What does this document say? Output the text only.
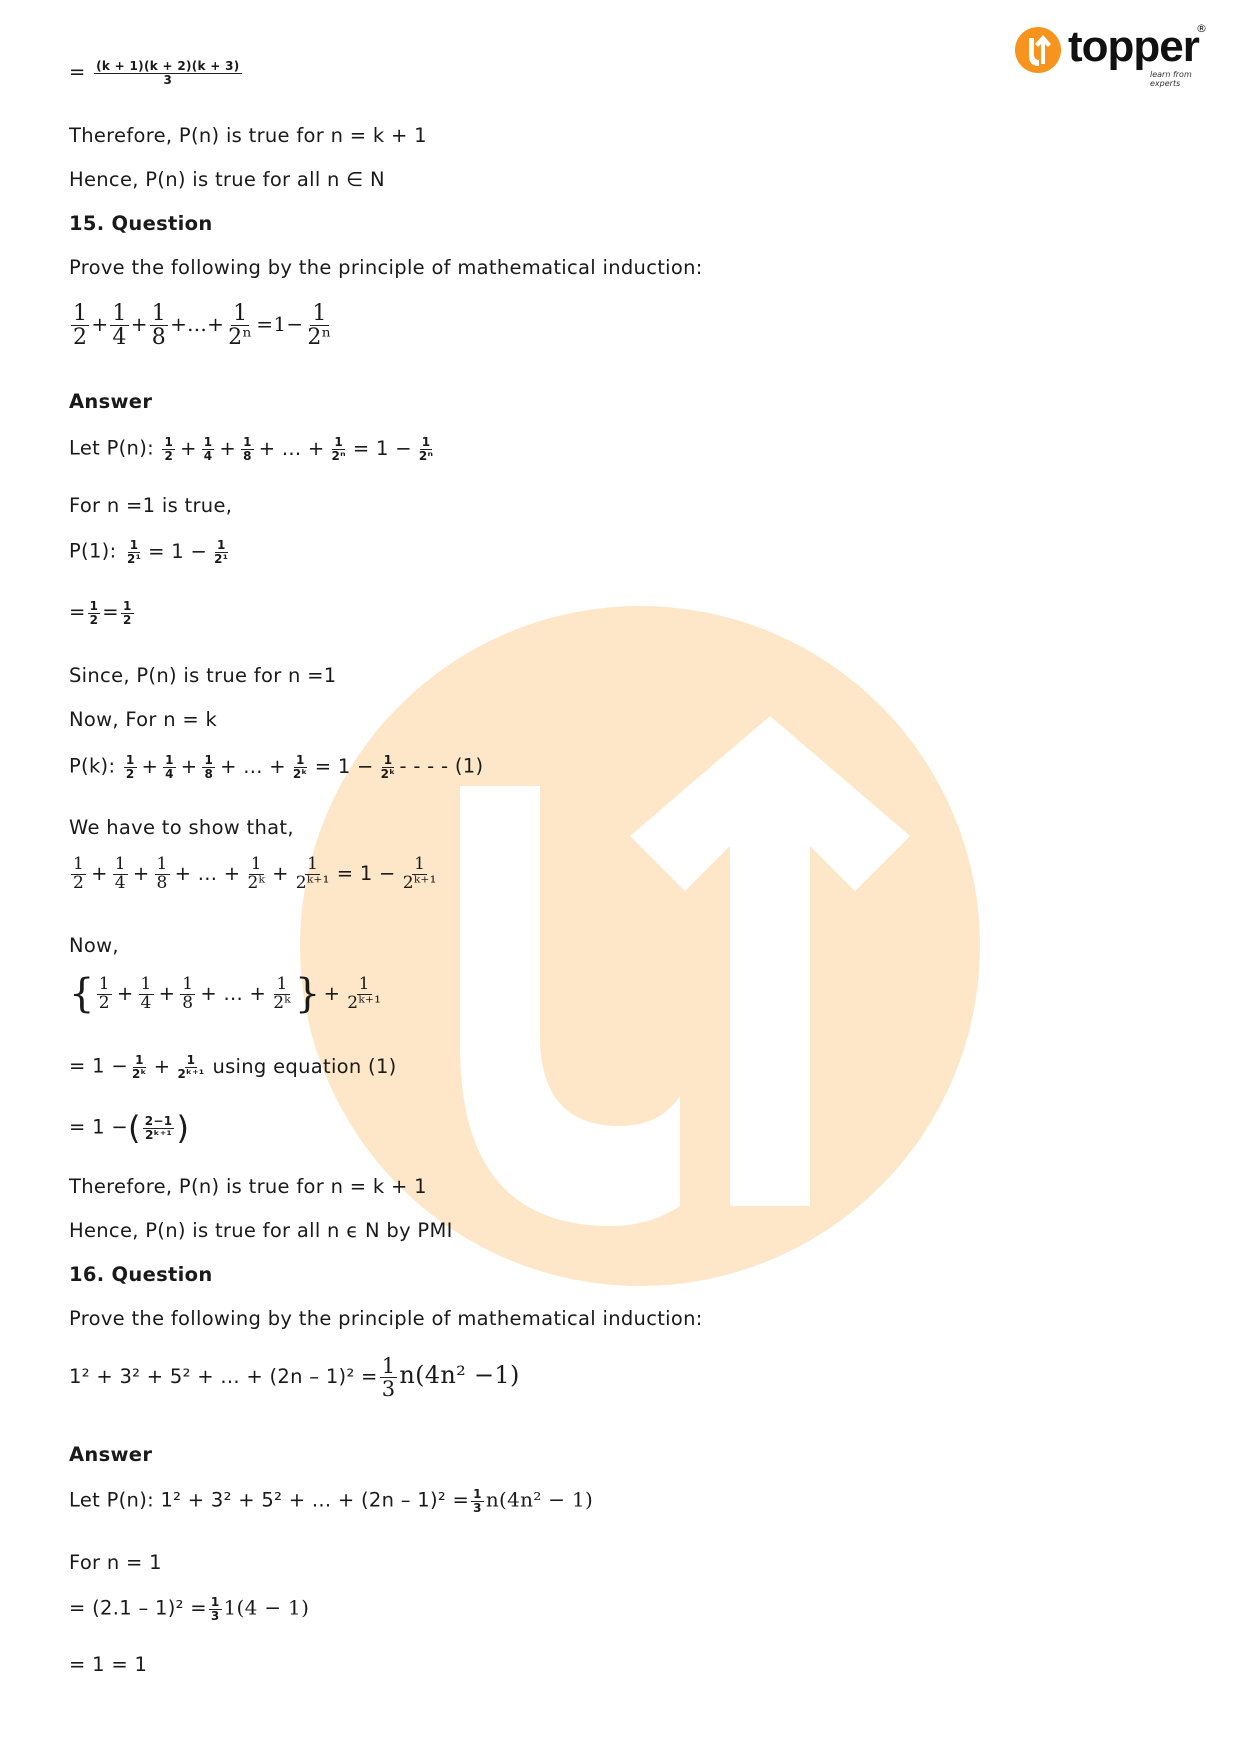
topper
®
learn from experts
= $\frac{(k + 1)(k + 2)(k + 3)}{3}$
Therefore, P(n) is true for n = k + 1
Hence, P(n) is true for all n ∈ N
15. Question
Prove the following by the principle of mathematical induction:
$\frac{1}{2} + \frac{1}{4} + \frac{1}{8}$ +...+ $\frac{1}{\text{2ⁿ}} =1- \frac{1}{\text{2ⁿ}}$
Answer
Let P(n): $\frac{1}{2} + \frac{1}{4} + \frac{1}{8}$ + ... + $\frac{1}{\text{2ⁿ}} = 1 - \frac{1}{\text{2ⁿ}}$
For n =1 is true,
P(1): $\frac{1}{\text{2¹}} = 1 - \frac{1}{\text{2¹}}$
= $\frac{1}{2} = \frac{1}{2}$
Since, P(n) is true for n =1
Now, For n = k
P(k): $\frac{1}{2} + \frac{1}{4} + \frac{1}{8}$ + ... + $\frac{1}{\text{2ᵏ}} = 1 - \frac{1}{\text{2ᵏ}}$ - - - - (1)
We have to show that,
$\frac{1}{2} + \frac{1}{4} + \frac{1}{8}$ + ... + $\frac{1}{\text{2ᵏ}} + \frac{1}{\text{2ᵏ⁺¹}} = 1 - \frac{1}{\text{2ᵏ⁺¹}}$
Now,
{ $\frac{1}{2} + \frac{1}{4} + \frac{1}{8}$ + ... + $\frac{1}{\text{2ᵏ}}$ } + $\frac{1}{\text{2ᵏ⁺¹}}$
= $1 - \frac{1}{\text{2ᵏ}} + \frac{1}{\text{2ᵏ⁺¹}}$ using equation (1)
= 1 −( $\frac{2-1}{\text{2ᵏ⁺¹}}$ )
Therefore, P(n) is true for n = k + 1
Hence, P(n) is true for all n ϵ N by PMI
16. Question
Prove the following by the principle of mathematical induction:
1² + 3² + 5² + ... + $(2n - 1)^2 = \frac{1}{3} n(4n^2 -1)$
Answer
Let P(n): 1² + 3² + 5² + ... + $(2n - 1)^2 = \frac{1}{3} n(4n^2 - 1)$
For n = 1
= $(2.1 - 1)^2 = \frac{1}{3} 1(4 - 1)$
= 1 = 1
